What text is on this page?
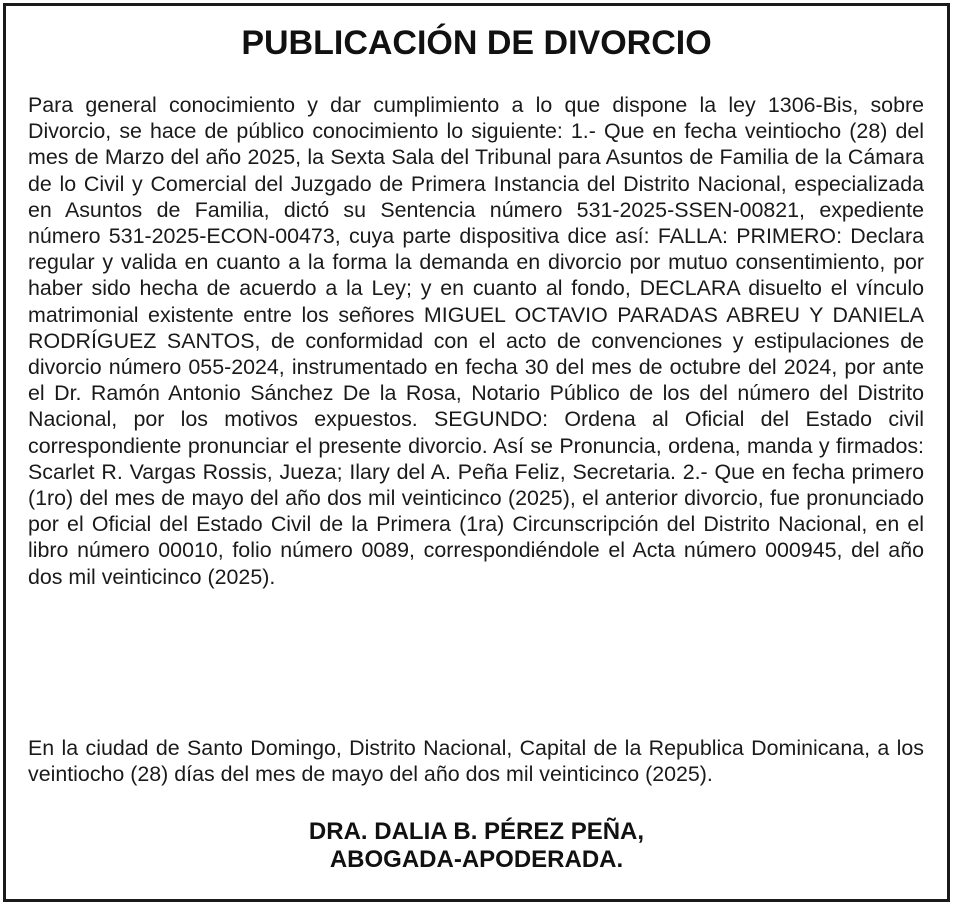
PUBLICACIÓN DE DIVORCIO

Para general conocimiento y dar cumplimiento a lo que dispone la ley 1306-Bis, sobre Divorcio, se hace de público conocimiento lo siguiente: 1.- Que en fecha veintiocho (28) del mes de Marzo del año 2025, la Sexta Sala del Tribunal para Asuntos de Familia de la Cámara de lo Civil y Comercial del Juzgado de Primera Instancia del Distrito Nacional, especializada en Asuntos de Familia, dictó su Sentencia número 531-2025-SSEN-00821, expediente número 531-2025-ECON-00473, cuya parte dispositiva dice así: FALLA: PRIMERO: Declara regular y valida en cuanto a la forma la demanda en divorcio por mutuo consentimiento, por haber sido hecha de acuerdo a la Ley; y en cuanto al fondo, DECLARA disuelto el vínculo matrimonial existente entre los señores MIGUEL OCTAVIO PARADAS ABREU Y DANIELA RODRÍGUEZ SANTOS, de conformidad con el acto de convenciones y estipulaciones de divorcio número 055-2024, instrumentado en fecha 30 del mes de octubre del 2024, por ante el Dr. Ramón Antonio Sánchez De la Rosa, Notario Público de los del número del Distrito Nacional, por los motivos expuestos. SEGUNDO: Ordena al Oficial del Estado civil correspondiente pronunciar el presente divorcio. Así se Pronuncia, ordena, manda y firmados: Scarlet R. Vargas Rossis, Jueza; Ilary del A. Peña Feliz, Secretaria. 2.- Que en fecha primero (1ro) del mes de mayo del año dos mil veinticinco (2025), el anterior divorcio, fue pronunciado por el Oficial del Estado Civil de la Primera (1ra) Circunscripción del Distrito Nacional, en el libro número 00010, folio número 0089, correspondiéndole el Acta número 000945, del año dos mil veinticinco (2025).

En la ciudad de Santo Domingo, Distrito Nacional, Capital de la Republica Dominicana, a los veintiocho (28) días del mes de mayo del año dos mil veinticinco (2025).

DRA. DALIA B. PÉREZ PEÑA,
ABOGADA-APODERADA.
